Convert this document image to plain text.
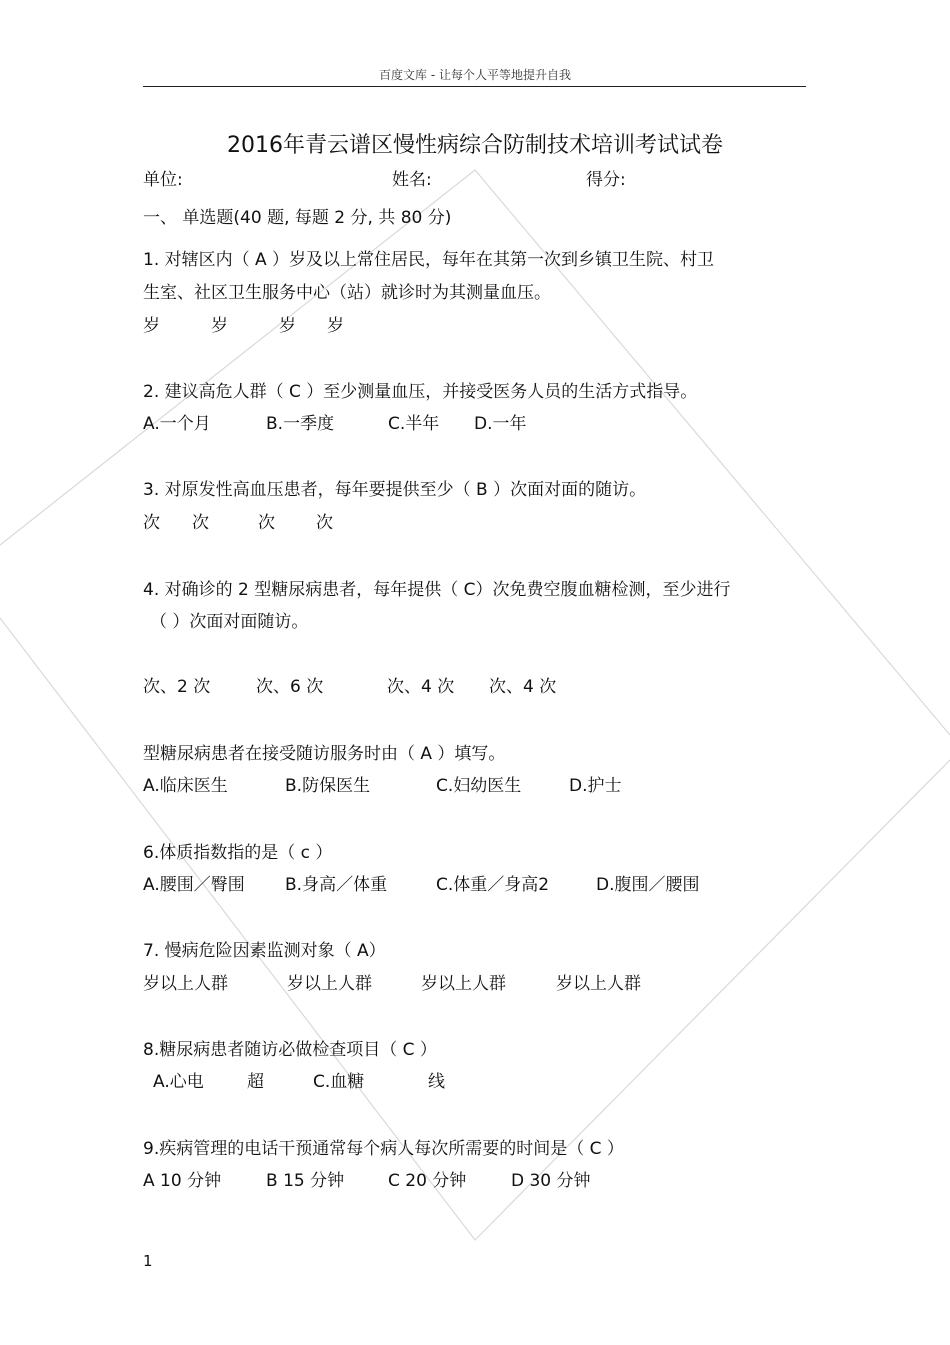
百度文库 - 让每个人平等地提升自我
2016年青云谱区慢性病综合防制技术培训考试试卷
单位:	姓名:	得分:
一、 单选题(40 题, 每题 2 分, 共 80 分)
1. 对辖区内（ A ）岁及以上常住居民，每年在其第一次到乡镇卫生院、村卫
生室、社区卫生服务中心（站）就诊时为其测量血压。
岁	岁	岁 岁
2. 建议高危人群（ C ）至少测量血压，并接受医务人员的生活方式指导。
A.一个月	B.一季度	C.半年 D.一年
3. 对原发性高血压患者，每年要提供至少（ B ）次面对面的随访。
次 次	次 次
4. 对确诊的 2 型糖尿病患者，每年提供（ C）次免费空腹血糖检测，至少进行
（ ）次面对面随访。
次、2 次	次、6 次	次、4 次 次、4 次
型糖尿病患者在接受随访服务时由（ A ）填写。
A.临床医生	B.防保医生	C.妇幼医生	D.护士
6.体质指数指的是（ c ）
A.腰围／臀围 B.身高／体重	C.体重／身高2	D.腹围／腰围
7. 慢病危险因素监测对象（ A）
岁以上人群	岁以上人群	岁以上人群	岁以上人群
8.糖尿病患者随访必做检查项目（ C ）
A.心电	超	C.血糖	线
9.疾病管理的电话干预通常每个病人每次所需要的时间是（ C ）
A 10 分钟	B 15 分钟	C 20 分钟	D 30 分钟
1
